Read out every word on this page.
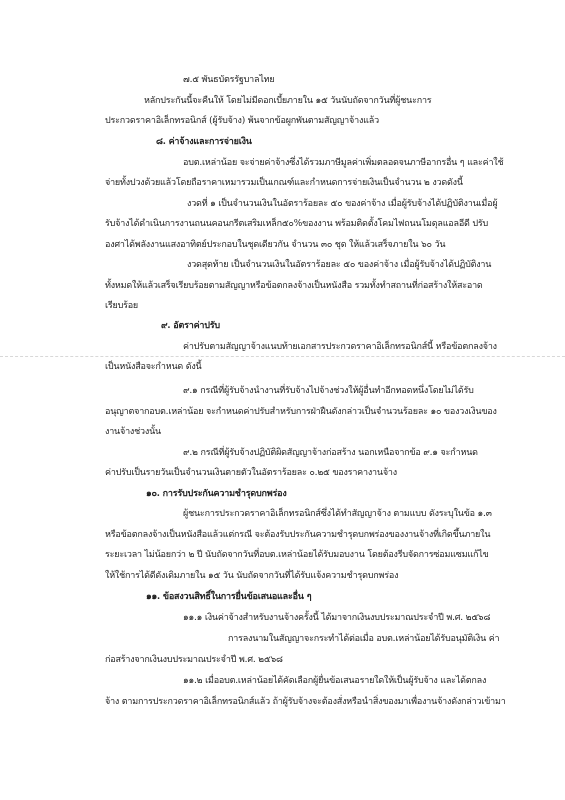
๗.๕ พันธบัตรรัฐบาลไทย
หลักประกันนี้จะคืนให้ โดยไม่มีดอกเบี้ยภายใน ๑๕ วันนับถัดจากวันที่ผู้ชนะการ
ประกวดราคาอิเล็กทรอนิกส์ (ผู้รับจ้าง) พ้นจากข้อผูกพันตามสัญญาจ้างแล้ว
๘. ค่าจ้างและการจ่ายเงิน
อบต.เหล่าน้อย จะจ่ายค่าจ้างซึ่งได้รวมภาษีมูลค่าเพิ่มตลอดจนภาษีอากรอื่น ๆ และค่าใช้
จ่ายทั้งปวงด้วยแล้วโดยถือราคาเหมารวมเป็นเกณฑ์และกำหนดการจ่ายเงินเป็นจำนวน ๒ งวดดังนี้
งวดที่ ๑ เป็นจำนวนเงินในอัตราร้อยละ ๕๐ ของค่าจ้าง เมื่อผู้รับจ้างได้ปฏิบัติงานเมื่อผู้
รับจ้างได้ดำเนินการงานถนนคอนกรีตเสริมเหล็ก๕๐%ของงาน พร้อมติดตั้งโคมไฟถนนโมดุลแอลอีดี ปรับ
องศาได้พลังงานแสงอาทิตย์ประกอบในชุดเดียวกัน จำนวน ๓๐ ชุด ให้แล้วเสร็จภายใน ๖๐ วัน
งวดสุดท้าย เป็นจำนวนเงินในอัตราร้อยละ ๕๐ ของค่าจ้าง เมื่อผู้รับจ้างได้ปฏิบัติงาน
ทั้งหมดให้แล้วเสร็จเรียบร้อยตามสัญญาหรือข้อตกลงจ้างเป็นหนังสือ รวมทั้งทำสถานที่ก่อสร้างให้สะอาด
เรียบร้อย
๙. อัตราค่าปรับ
ค่าปรับตามสัญญาจ้างแนบท้ายเอกสารประกวดราคาอิเล็กทรอนิกส์นี้ หรือข้อตกลงจ้าง
เป็นหนังสือจะกำหนด ดังนี้
๙.๑ กรณีที่ผู้รับจ้างนำงานที่รับจ้างไปจ้างช่วงให้ผู้อื่นทำอีกทอดหนึ่งโดยไม่ได้รับ
อนุญาตจากอบต.เหล่าน้อย จะกำหนดค่าปรับสำหรับการฝ่าฝืนดังกล่าวเป็นจำนวนร้อยละ ๑๐ ของวงเงินของ
งานจ้างช่วงนั้น
๙.๒ กรณีที่ผู้รับจ้างปฏิบัติผิดสัญญาจ้างก่อสร้าง นอกเหนือจากข้อ ๙.๑ จะกำหนด
ค่าปรับเป็นรายวันเป็นจำนวนเงินตายตัวในอัตราร้อยละ ๐.๒๕ ของราคางานจ้าง
๑๐. การรับประกันความชำรุดบกพร่อง
ผู้ชนะการประกวดราคาอิเล็กทรอนิกส์ซึ่งได้ทำสัญญาจ้าง ตามแบบ ดังระบุในข้อ ๑.๓
หรือข้อตกลงจ้างเป็นหนังสือแล้วแต่กรณี จะต้องรับประกันความชำรุดบกพร่องของงานจ้างที่เกิดขึ้นภายใน
ระยะเวลา ไม่น้อยกว่า ๒ ปี นับถัดจากวันที่อบต.เหล่าน้อยได้รับมอบงาน โดยต้องรีบจัดการซ่อมแซมแก้ไข
ให้ใช้การได้ดีดังเดิมภายใน ๑๕ วัน นับถัดจากวันที่ได้รับแจ้งความชำรุดบกพร่อง
๑๑. ข้อสงวนสิทธิ์ในการยื่นข้อเสนอและอื่น ๆ
๑๑.๑ เงินค่าจ้างสำหรับงานจ้างครั้งนี้ ได้มาจากเงินงบประมาณประจำปี พ.ศ. ๒๕๖๘
การลงนามในสัญญาจะกระทำได้ต่อเมื่อ อบต.เหล่าน้อยได้รับอนุมัติเงิน ค่า
ก่อสร้างจากเงินงบประมาณประจำปี พ.ศ. ๒๕๖๘
๑๑.๒ เมื่ออบต.เหล่าน้อยได้คัดเลือกผู้ยื่นข้อเสนอรายใดให้เป็นผู้รับจ้าง และได้ตกลง
จ้าง ตามการประกวดราคาอิเล็กทรอนิกส์แล้ว ถ้าผู้รับจ้างจะต้องสั่งหรือนำสิ่งของมาเพื่องานจ้างดังกล่าวเข้ามา
